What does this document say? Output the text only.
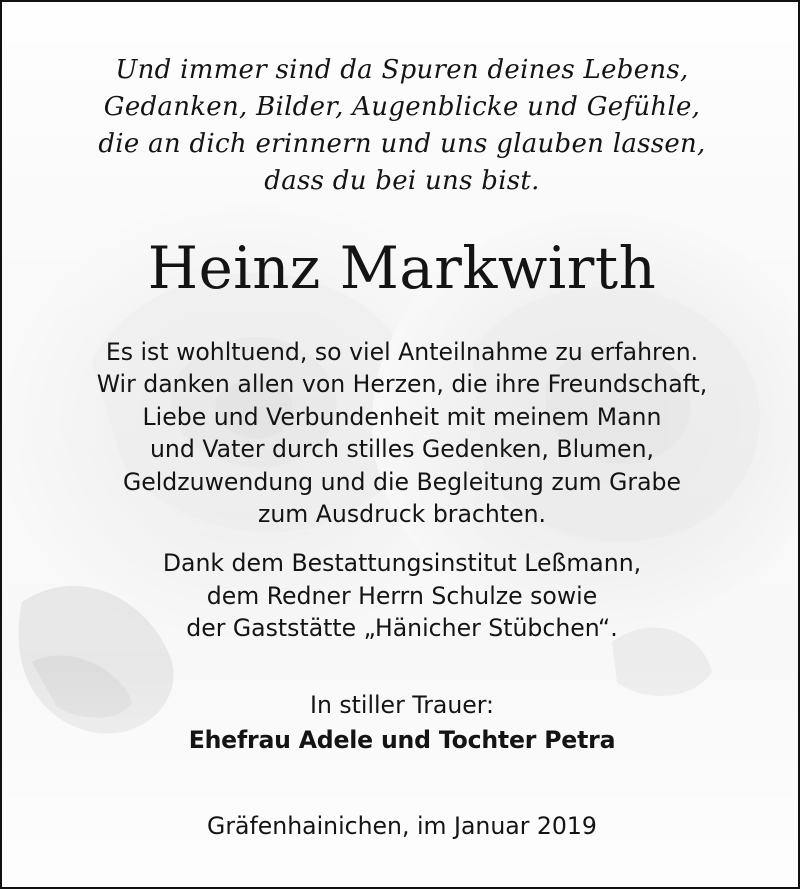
Und immer sind da Spuren deines Lebens,
Gedanken, Bilder, Augenblicke und Gefühle,
die an dich erinnern und uns glauben lassen,
dass du bei uns bist.
Heinz Markwirth
Es ist wohltuend, so viel Anteilnahme zu erfahren.
Wir danken allen von Herzen, die ihre Freundschaft,
Liebe und Verbundenheit mit meinem Mann
und Vater durch stilles Gedenken, Blumen,
Geldzuwendung und die Begleitung zum Grabe
zum Ausdruck brachten.
Dank dem Bestattungsinstitut Leßmann,
dem Redner Herrn Schulze sowie
der Gaststätte „Hänicher Stübchen“.
In stiller Trauer:
Ehefrau Adele und Tochter Petra
Gräfenhainichen, im Januar 2019
